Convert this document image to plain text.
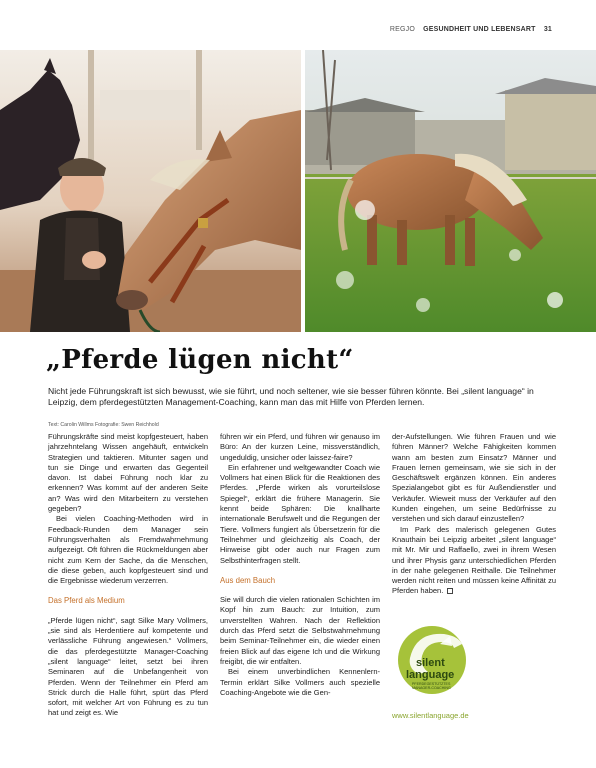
REGJO GESUNDHEIT UND LEBENSART 31
„Pferde lügen nicht“
Nicht jede Führungskraft ist sich bewusst, wie sie führt, und noch seltener, wie sie besser führen könnte. Bei „silent language“ in Leipzig, dem pferdegestützten Management-Coaching, kann man das mit Hilfe von Pferden lernen.
Text: Carolin Willms Fotografie: Swen Reichhold

Führungskräfte sind meist kopfgesteuert, haben jahrzehntelang Wissen angehäuft, entwickeln Strategien und taktieren. Mitunter sagen und tun sie Dinge und erwarten das Gegenteil davon. Ist dabei Führung noch klar zu erkennen? Was kommt auf der anderen Seite an? Was wird den Mitarbeitern zu verstehen gegeben?

Bei vielen Coaching-Methoden wird in Feedback-Runden dem Manager sein Führungsverhalten als Fremdwahrnehmung aufgezeigt. Oft führen die Rückmeldungen aber nicht zum Kern der Sache, da die Menschen, die diese geben, auch kopfgesteuert sind und die Ergebnisse wiederum verzerren.

Das Pferd als Medium

„Pferde lügen nicht“, sagt Silke Mary Vollmers, „sie sind als Herdentiere auf kompetente und verlässliche Führung angewiesen.“ Vollmers, die das pferdegestützte Manager-Coaching „silent language“ leitet, setzt bei ihren Seminaren auf die Unbefangenheit von Pferden. Wenn der Teilnehmer ein Pferd am Strick durch die Halle führt, spürt das Pferd sofort, mit welcher Art von Führung es zu tun hat und zeigt es. Wie

führen wir ein Pferd, und führen wir genauso im Büro: An der kurzen Leine, missverständlich, ungeduldig, unsicher oder laissez-faire?

Ein erfahrener und weltgewandter Coach wie Vollmers hat einen Blick für die Reaktionen des Pferdes. „Pferde wirken als vorurteilslose Spiegel“, erklärt die frühere Managerin. Sie kennt beide Sphären: Die knallharte internationale Berufswelt und die Regungen der Tiere. Vollmers fungiert als Übersetzerin für die Teilnehmer und gleichzeitig als Coach, der Hinweise gibt oder auch nur Fragen zum Selbsthinterfragen stellt.

Aus dem Bauch

Sie will durch die vielen rationalen Schichten im Kopf hin zum Bauch: zur Intuition, zum unverstellten Wahren. Nach der Reflektion durch das Pferd setzt die Selbstwahrnehmung beim Seminar-Teilnehmer ein, die wieder einen freien Blick auf das eigene Ich und die Wirkung freigibt, die wir entfalten.

Bei einem unverbindlichen Kennenlern-Termin erklärt Silke Vollmers auch spezielle Coaching-Angebote wie die Gen-

der-Aufstellungen. Wie führen Frauen und wie führen Männer? Welche Fähigkeiten kommen wann am besten zum Einsatz? Männer und Frauen lernen gemeinsam, wie sie sich in der Geschäftswelt ergänzen können. Ein anderes Spezialangebot gibt es für Außendienstler und Verkäufer. Wieweit muss der Verkäufer auf den Kunden eingehen, um seine Bedürfnisse zu verstehen und sich darauf einzustellen?

Im Park des malerisch gelegenen Gutes Knauthain bei Leipzig arbeitet „silent language“ mit Mr. Mir und Raffaello, zwei in ihrem Wesen und ihrer Physis ganz unterschiedlichen Pferden in der nahe gelegenen Reithalle. Die Teilnehmer werden nicht reiten und müssen keine Affinität zu Pferden haben.

silent
language
PFERDEGESTÜTZTES
MANAGER-COACHING
www.silentlanguage.de
